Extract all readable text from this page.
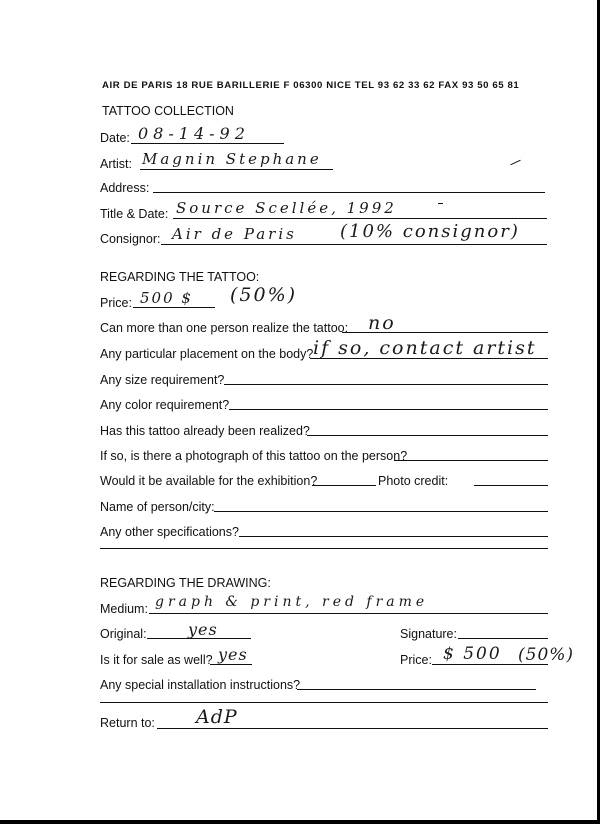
AIR DE PARIS 18 RUE BARILLERIE F 06300 NICE TEL 93 62 33 62 FAX 93 50 65 81
TATTOO COLLECTION
Date: 08-14-92
Artist: Magnin Stephane
Address:
Title & Date: Source Scellée, 1992
Consignor: Air de Paris (10% consignor)
REGARDING THE TATTOO:
Price: 500 $ (50%)
Can more than one person realize the tattoo: no
Any particular placement on the body? if so, contact artist
Any size requirement?
Any color requirement?
Has this tattoo already been realized?
If so, is there a photograph of this tattoo on the person?
Would it be available for the exhibition?	Photo credit:
Name of person/city:
Any other specifications?
REGARDING THE DRAWING:
Medium: graph & print, red frame
Original:	yes	Signature:
Is it for sale as well? yes	Price: $ 500 (50%)
Any special installation instructions?
Return to: AdP
